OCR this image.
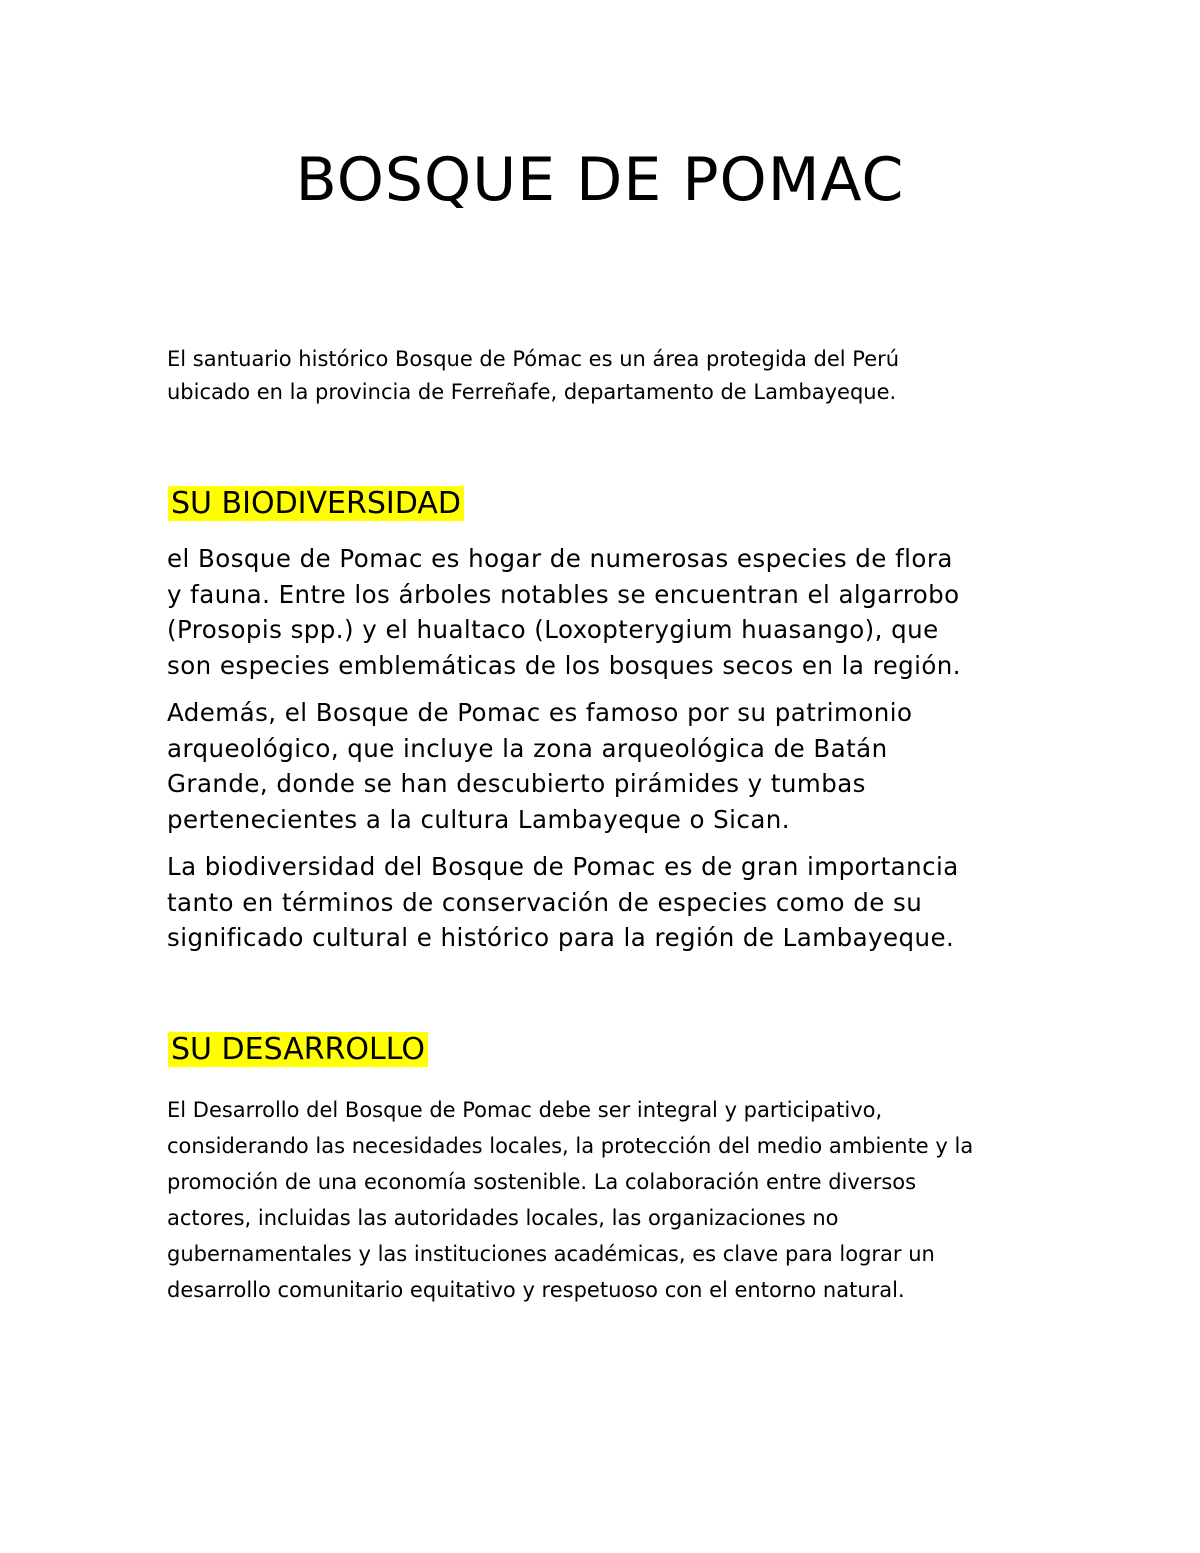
BOSQUE DE POMAC

El santuario histórico Bosque de Pómac es un área protegida del Perú

ubicado en la provincia de Ferreñafe, departamento de Lambayeque.

SU BIODIVERSIDAD

el Bosque de Pomac es hogar de numerosas especies de flora
y fauna. Entre los árboles notables se encuentran el algarrobo
(Prosopis spp.) y el hualtaco (Loxopterygium huasango), que
son especies emblemáticas de los bosques secos en la región.

Además, el Bosque de Pomac es famoso por su patrimonio
arqueológico, que incluye la zona arqueológica de Batán
Grande, donde se han descubierto pirámides y tumbas
pertenecientes a la cultura Lambayeque o Sican.

La biodiversidad del Bosque de Pomac es de gran importancia
tanto en términos de conservación de especies como de su
significado cultural e histórico para la región de Lambayeque.

SU DESARROLLO
El Desarrollo del Bosque de Pomac debe ser integral y participativo,
considerando las necesidades locales, la protección del medio ambiente y la
promoción de una economía sostenible. La colaboración entre diversos
actores, incluidas las autoridades locales, las organizaciones no
gubernamentales y las instituciones académicas, es clave para lograr un
desarrollo comunitario equitativo y respetuoso con el entorno natural.
